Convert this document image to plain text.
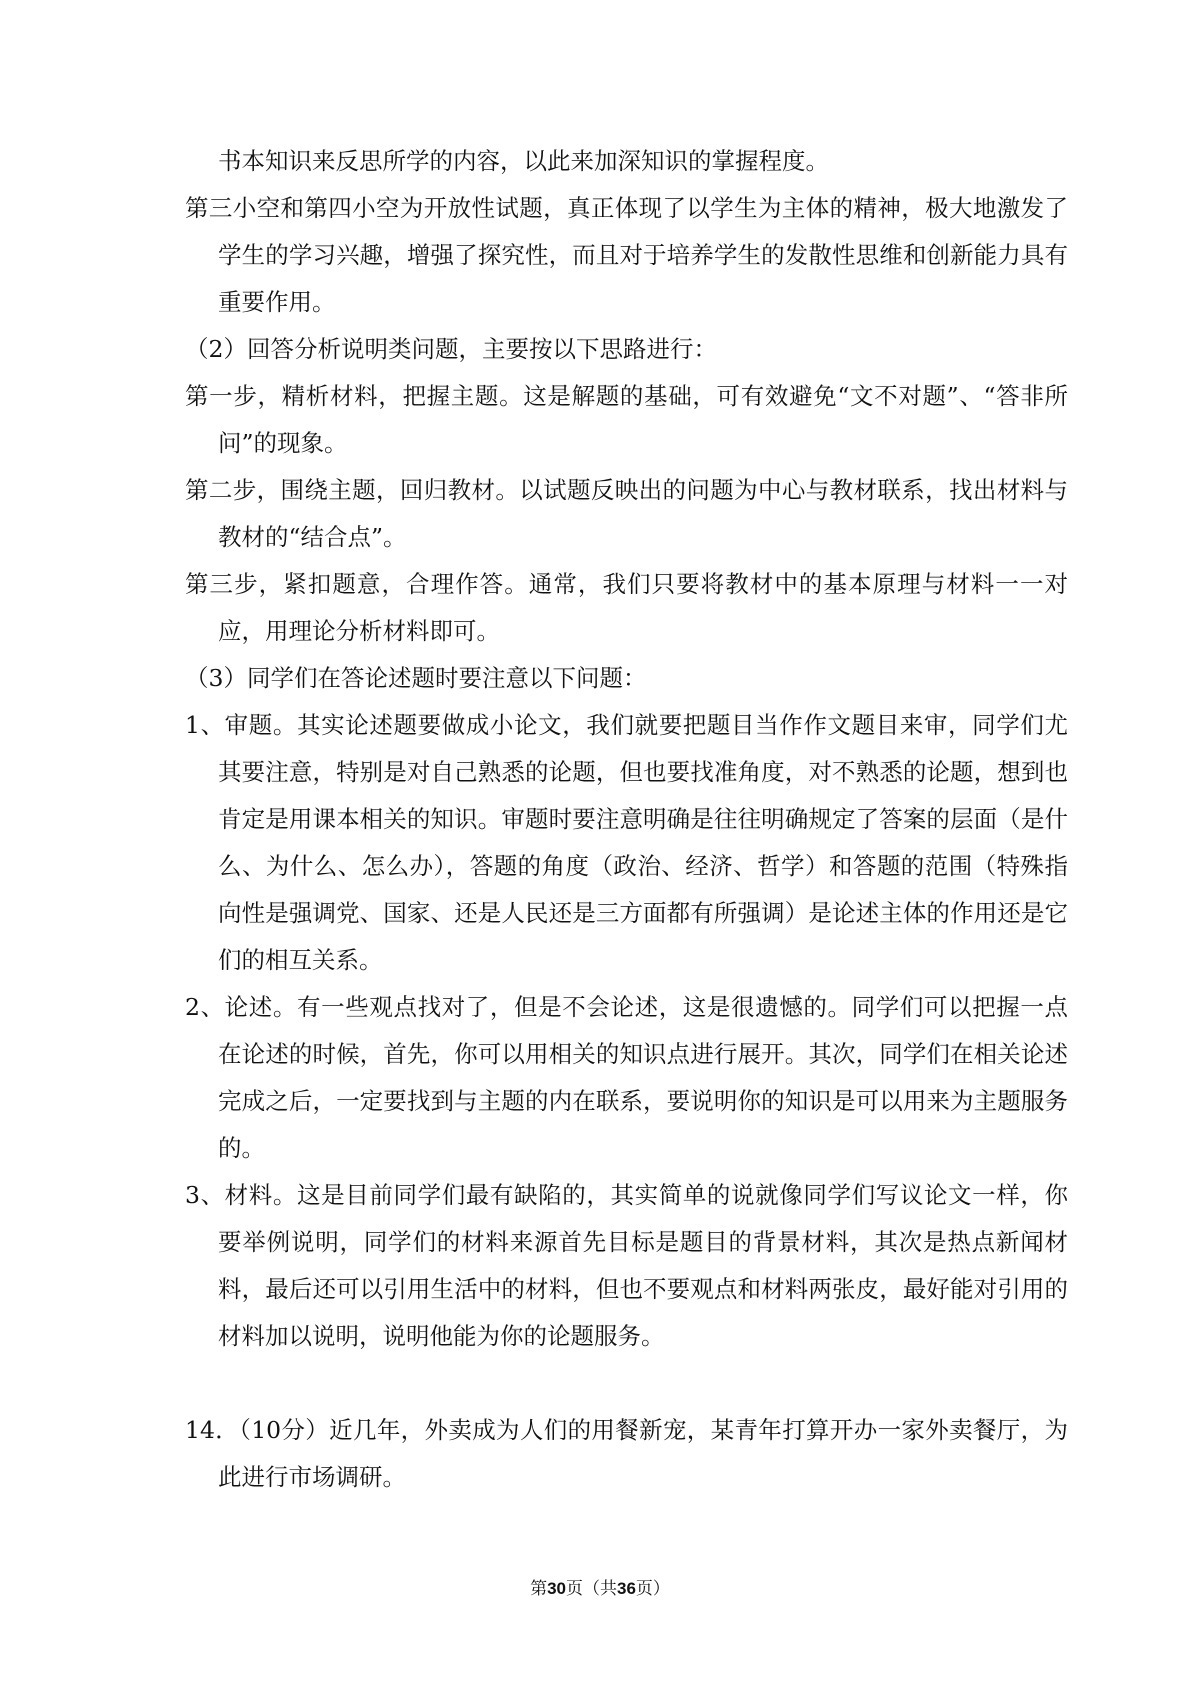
书本知识来反思所学的内容，以此来加深知识的掌握程度。

第三小空和第四小空为开放性试题，真正体现了以学生为主体的精神，极大地激发了学生的学习兴趣，增强了探究性，而且对于培养学生的发散性思维和创新能力具有重要作用。

（2）回答分析说明类问题，主要按以下思路进行：

第一步，精析材料，把握主题。这是解题的基础，可有效避免“文不对题”、“答非所问”的现象。

第二步，围绕主题，回归教材。以试题反映出的问题为中心与教材联系，找出材料与教材的“结合点”。

第三步，紧扣题意，合理作答。通常，我们只要将教材中的基本原理与材料一一对应，用理论分析材料即可。

（3）同学们在答论述题时要注意以下问题：

1、审题。其实论述题要做成小论文，我们就要把题目当作作文题目来审，同学们尤其要注意，特别是对自己熟悉的论题，但也要找准角度，对不熟悉的论题，想到也肯定是用课本相关的知识。审题时要注意明确是往往明确规定了答案的层面（是什么、为什么、怎么办），答题的角度（政治、经济、哲学）和答题的范围（特殊指向性是强调党、国家、还是人民还是三方面都有所强调）是论述主体的作用还是它们的相互关系。

2、论述。有一些观点找对了，但是不会论述，这是很遗憾的。同学们可以把握一点在论述的时候，首先，你可以用相关的知识点进行展开。其次，同学们在相关论述完成之后，一定要找到与主题的内在联系，要说明你的知识是可以用来为主题服务的。

3、材料。这是目前同学们最有缺陷的，其实简单的说就像同学们写议论文一样，你要举例说明，同学们的材料来源首先目标是题目的背景材料，其次是热点新闻材料，最后还可以引用生活中的材料，但也不要观点和材料两张皮，最好能对引用的材料加以说明，说明他能为你的论题服务。

14．（10分）近几年，外卖成为人们的用餐新宠，某青年打算开办一家外卖餐厅，为此进行市场调研。

第30页（共36页）
